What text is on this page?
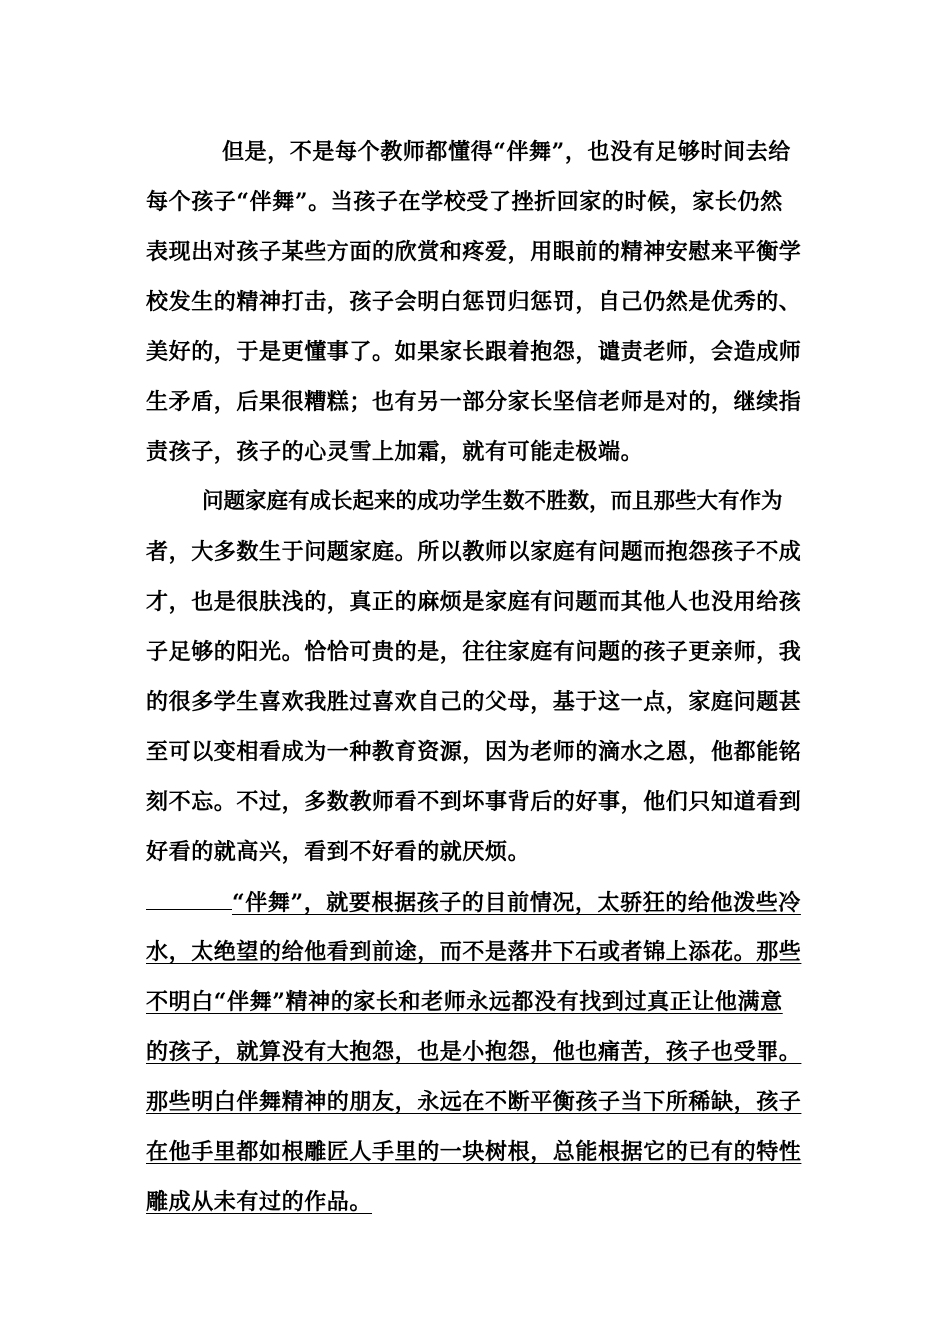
但是，不是每个教师都懂得“伴舞”，也没有足够时间去给

每个孩子“伴舞”。当孩子在学校受了挫折回家的时候，家长仍然

表现出对孩子某些方面的欣赏和疼爱，用眼前的精神安慰来平衡学

校发生的精神打击，孩子会明白惩罚归惩罚，自己仍然是优秀的、

美好的，于是更懂事了。如果家长跟着抱怨，谴责老师，会造成师

生矛盾，后果很糟糕；也有另一部分家长坚信老师是对的，继续指

责孩子，孩子的心灵雪上加霜，就有可能走极端。

问题家庭有成长起来的成功学生数不胜数，而且那些大有作为

者，大多数生于问题家庭。所以教师以家庭有问题而抱怨孩子不成

才，也是很肤浅的，真正的麻烦是家庭有问题而其他人也没用给孩

子足够的阳光。恰恰可贵的是，往往家庭有问题的孩子更亲师，我

的很多学生喜欢我胜过喜欢自己的父母，基于这一点，家庭问题甚

至可以变相看成为一种教育资源，因为老师的滴水之恩，他都能铭

刻不忘。不过，多数教师看不到坏事背后的好事，他们只知道看到

好看的就高兴，看到不好看的就厌烦。

“伴舞”，就要根据孩子的目前情况，太骄狂的给他泼些冷

水，太绝望的给他看到前途，而不是落井下石或者锦上添花。那些

不明白“伴舞”精神的家长和老师永远都没有找到过真正让他满意

的孩子，就算没有大抱怨，也是小抱怨，他也痛苦，孩子也受罪。

那些明白伴舞精神的朋友，永远在不断平衡孩子当下所稀缺，孩子

在他手里都如根雕匠人手里的一块树根，总能根据它的已有的特性

雕成从未有过的作品。
